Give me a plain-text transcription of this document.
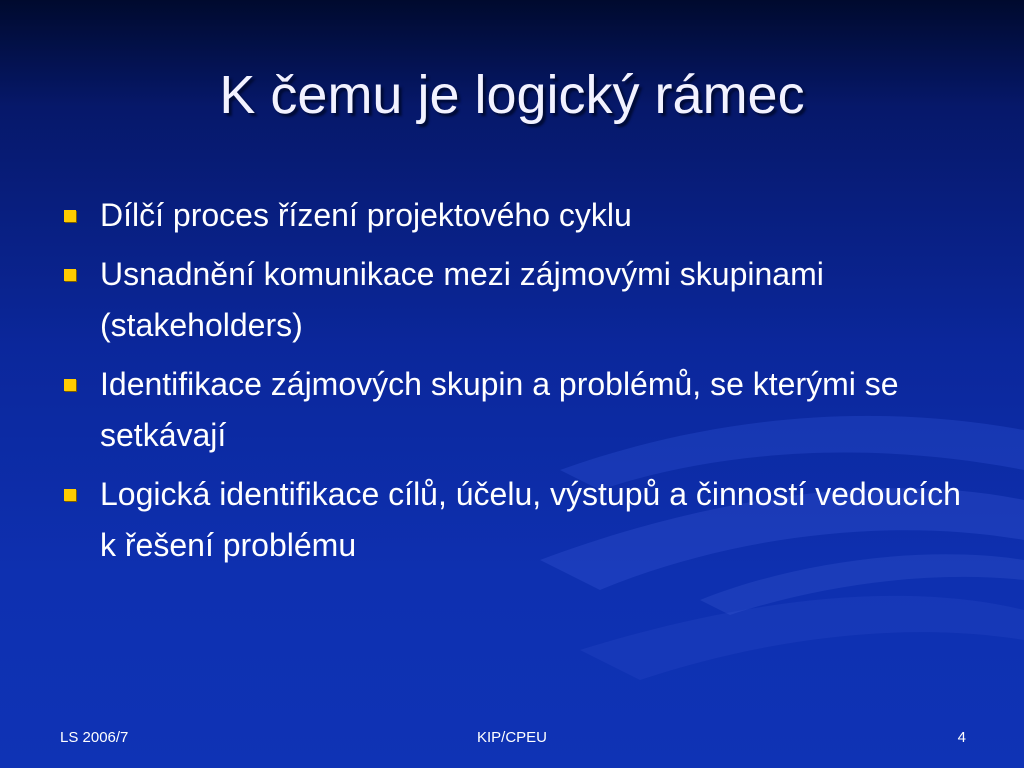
K čemu je logický rámec
Dílčí proces řízení projektového cyklu
Usnadnění komunikace mezi zájmovými skupinami (stakeholders)
Identifikace zájmových skupin a problémů, se kterými se setkávají
Logická identifikace cílů, účelu, výstupů a činností vedoucích k řešení problému
LS 2006/7	KIP/CPEU	4
